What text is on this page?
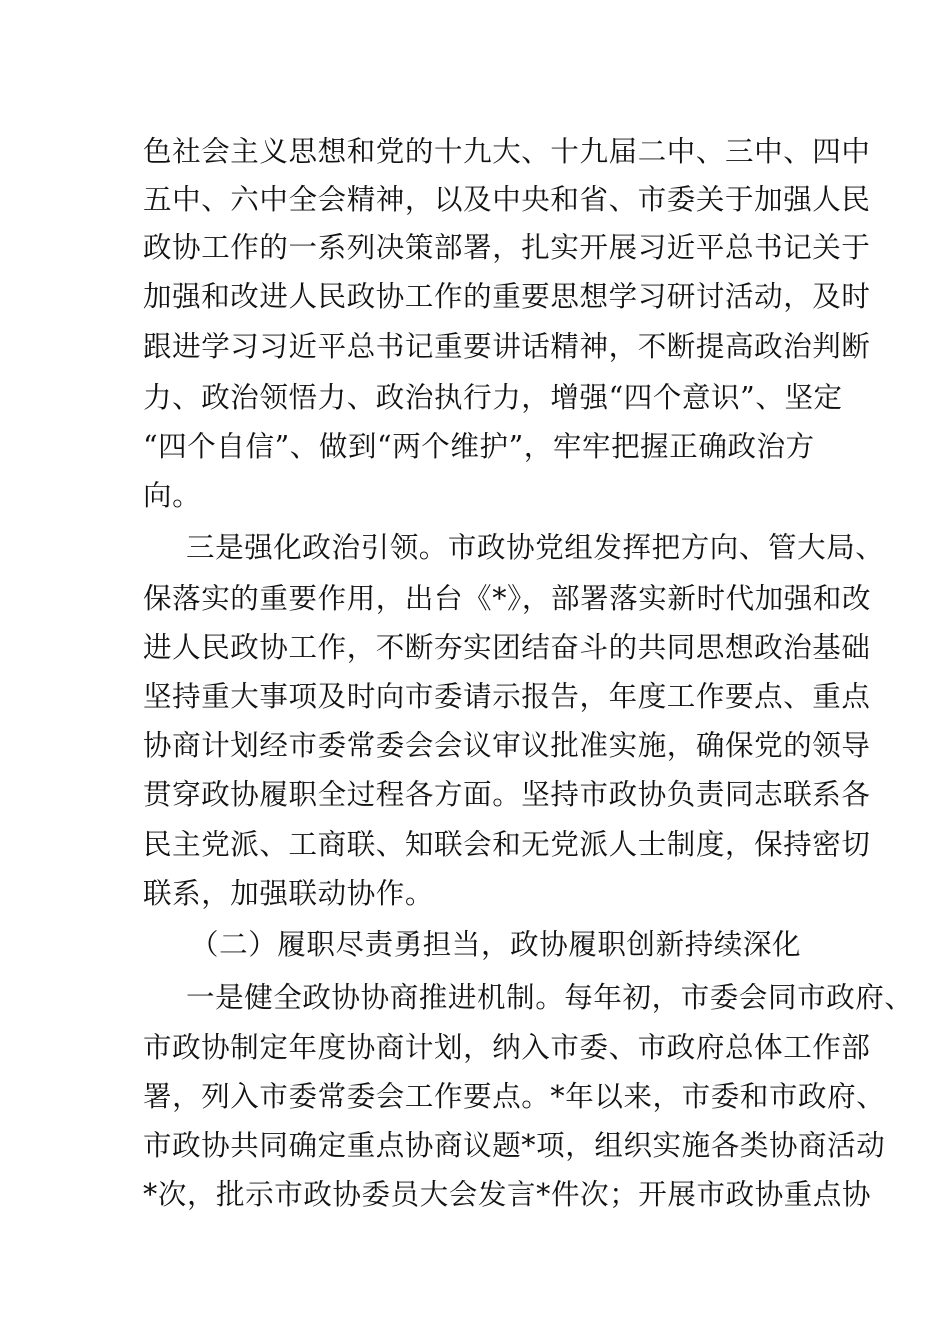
色社会主义思想和党的十九大、十九届二中、三中、四中
五中、六中全会精神，以及中央和省、市委关于加强人民
政协工作的一系列决策部署，扎实开展习近平总书记关于
加强和改进人民政协工作的重要思想学习研讨活动，及时
跟进学习习近平总书记重要讲话精神，不断提高政治判断
力、政治领悟力、政治执行力，增强“四个意识”、坚定
“四个自信”、做到“两个维护”，牢牢把握正确政治方
向。
三是强化政治引领。市政协党组发挥把方向、管大局、
保落实的重要作用，出台《*》，部署落实新时代加强和改
进人民政协工作，不断夯实团结奋斗的共同思想政治基础
坚持重大事项及时向市委请示报告，年度工作要点、重点
协商计划经市委常委会会议审议批准实施，确保党的领导
贯穿政协履职全过程各方面。坚持市政协负责同志联系各
民主党派、工商联、知联会和无党派人士制度，保持密切
联系，加强联动协作。
（二）履职尽责勇担当，政协履职创新持续深化
一是健全政协协商推进机制。每年初，市委会同市政府、
市政协制定年度协商计划，纳入市委、市政府总体工作部
署，列入市委常委会工作要点。*年以来，市委和市政府、
市政协共同确定重点协商议题*项，组织实施各类协商活动
*次，批示市政协委员大会发言*件次；开展市政协重点协
